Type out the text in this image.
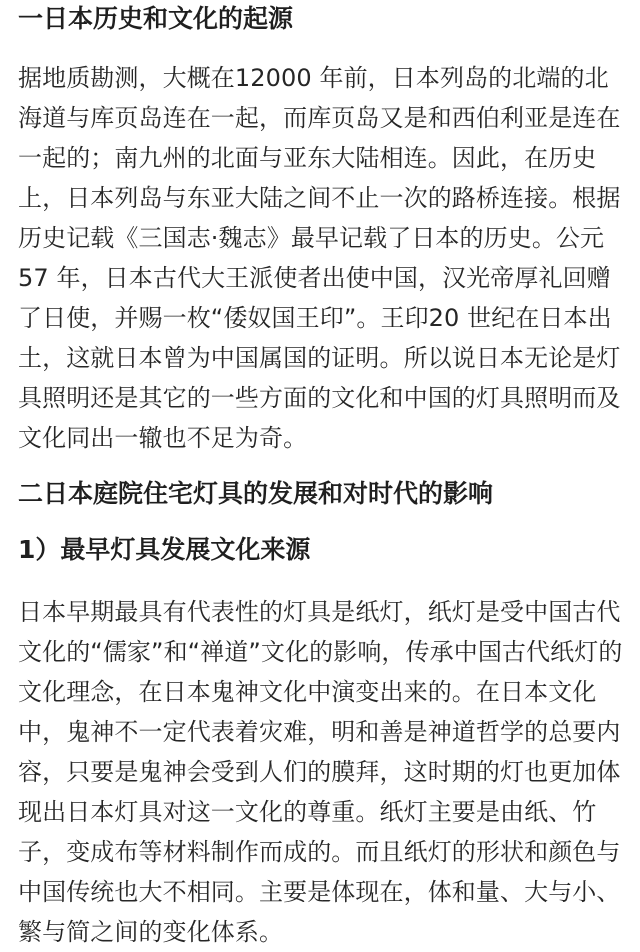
一日本历史和文化的起源
据地质勘测，大概在12000 年前，日本列岛的北端的北
海道与库页岛连在一起，而库页岛又是和西伯利亚是连在
一起的；南九州的北面与亚东大陆相连。因此，在历史
上，日本列岛与东亚大陆之间不止一次的路桥连接。根据
历史记载《三国志·魏志》最早记载了日本的历史。公元
57 年，日本古代大王派使者出使中国，汉光帝厚礼回赠
了日使，并赐一枚“倭奴国王印”。王印20 世纪在日本出
土，这就日本曾为中国属国的证明。所以说日本无论是灯
具照明还是其它的一些方面的文化和中国的灯具照明而及
文化同出一辙也不足为奇。
二日本庭院住宅灯具的发展和对时代的影响
1）最早灯具发展文化来源
日本早期最具有代表性的灯具是纸灯，纸灯是受中国古代
文化的“儒家”和“禅道”文化的影响，传承中国古代纸灯的
文化理念，在日本鬼神文化中演变出来的。在日本文化
中，鬼神不一定代表着灾难，明和善是神道哲学的总要内
容，只要是鬼神会受到人们的膜拜，这时期的灯也更加体
现出日本灯具对这一文化的尊重。纸灯主要是由纸、竹
子，变成布等材料制作而成的。而且纸灯的形状和颜色与
中国传统也大不相同。主要是体现在，体和量、大与小、
繁与简之间的变化体系。
